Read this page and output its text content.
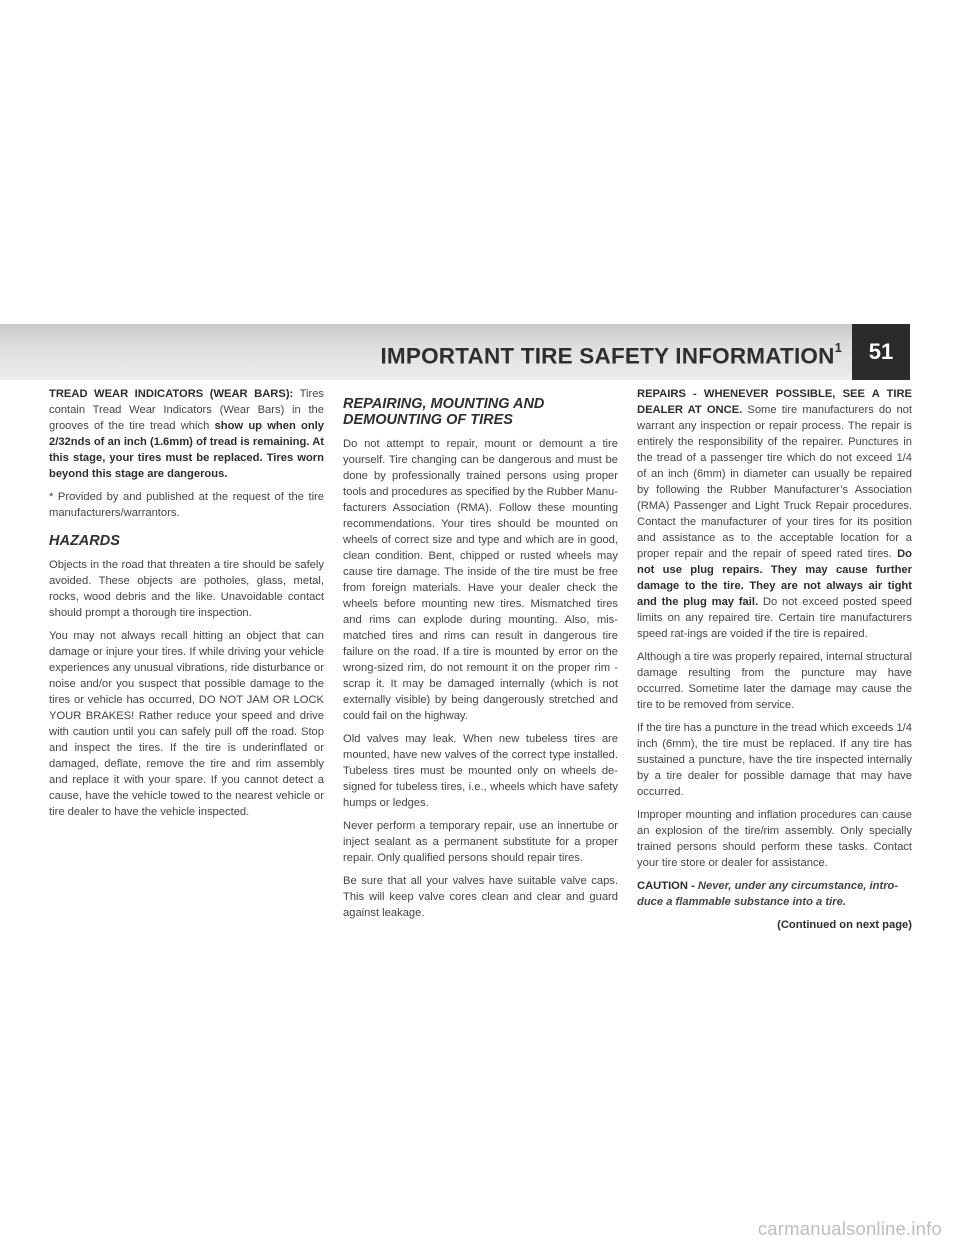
IMPORTANT TIRE SAFETY INFORMATION$^1$	51

TREAD WEAR INDICATORS (WEAR BARS): Tires contain Tread Wear Indicators (Wear Bars) in the grooves of the tire tread which show up when only 2/32nds of an inch (1.6mm) of tread is remaining. At this stage, your tires must be replaced. Tires worn beyond this stage are dangerous.

* Provided by and published at the request of the tire manufacturers/warrantors.

HAZARDS

Objects in the road that threaten a tire should be safely avoided. These objects are potholes, glass, metal, rocks, wood debris and the like. Unavoidable contact should prompt a thorough tire inspection.

You may not always recall hitting an object that can damage or injure your tires. If while driving your vehicle experiences any unusual vibrations, ride disturbance or noise and/or you suspect that possible damage to the tires or vehicle has occurred, DO NOT JAM OR LOCK YOUR BRAKES! Rather reduce your speed and drive with caution until you can safely pull off the road. Stop and inspect the tires. If the tire is underinflated or damaged, deflate, remove the tire and rim assembly and replace it with your spare. If you cannot detect a cause, have the vehicle towed to the nearest vehicle or tire dealer to have the vehicle inspected.

REPAIRING, MOUNTING AND DEMOUNTING OF TIRES

Do not attempt to repair, mount or demount a tire yourself. Tire changing can be dangerous and must be done by professionally trained persons using proper tools and procedures as specified by the Rubber Manu-facturers Association (RMA). Follow these mounting recommendations. Your tires should be mounted on wheels of correct size and type and which are in good, clean condition. Bent, chipped or rusted wheels may cause tire damage. The inside of the tire must be free from foreign materials. Have your dealer check the wheels before mounting new tires. Mismatched tires and rims can explode during mounting. Also, mis-matched tires and rims can result in dangerous tire failure on the road. If a tire is mounted by error on the wrong-sized rim, do not remount it on the proper rim - scrap it. It may be damaged internally (which is not externally visible) by being dangerously stretched and could fail on the highway.

Old valves may leak. When new tubeless tires are mounted, have new valves of the correct type installed. Tubeless tires must be mounted only on wheels de-signed for tubeless tires, i.e., wheels which have safety humps or ledges.

Never perform a temporary repair, use an innertube or inject sealant as a permanent substitute for a proper repair. Only qualified persons should repair tires.

Be sure that all your valves have suitable valve caps. This will keep valve cores clean and clear and guard against leakage.

REPAIRS - WHENEVER POSSIBLE, SEE A TIRE DEALER AT ONCE. Some tire manufacturers do not warrant any inspection or repair process. The repair is entirely the responsibility of the repairer. Punctures in the tread of a passenger tire which do not exceed 1/4 of an inch (6mm) in diameter can usually be repaired by following the Rubber Manufacturer’s Association (RMA) Passenger and Light Truck Repair procedures. Contact the manufacturer of your tires for its position and assistance as to the acceptable location for a proper repair and the repair of speed rated tires. Do not use plug repairs. They may cause further damage to the tire. They are not always air tight and the plug may fail. Do not exceed posted speed limits on any repaired tire. Certain tire manufacturers speed rat-ings are voided if the tire is repaired.

Although a tire was properly repaired, internal structural damage resulting from the puncture may have occurred. Sometime later the damage may cause the tire to be removed from service.

If the tire has a puncture in the tread which exceeds 1/4 inch (6mm), the tire must be replaced. If any tire has sustained a puncture, have the tire inspected internally by a tire dealer for possible damage that may have occurred.

Improper mounting and inflation procedures can cause an explosion of the tire/rim assembly. Only specially trained persons should perform these tasks. Contact your tire store or dealer for assistance.

CAUTION - Never, under any circumstance, intro-duce a flammable substance into a tire.

(Continued on next page)
carmanualsonline.info
